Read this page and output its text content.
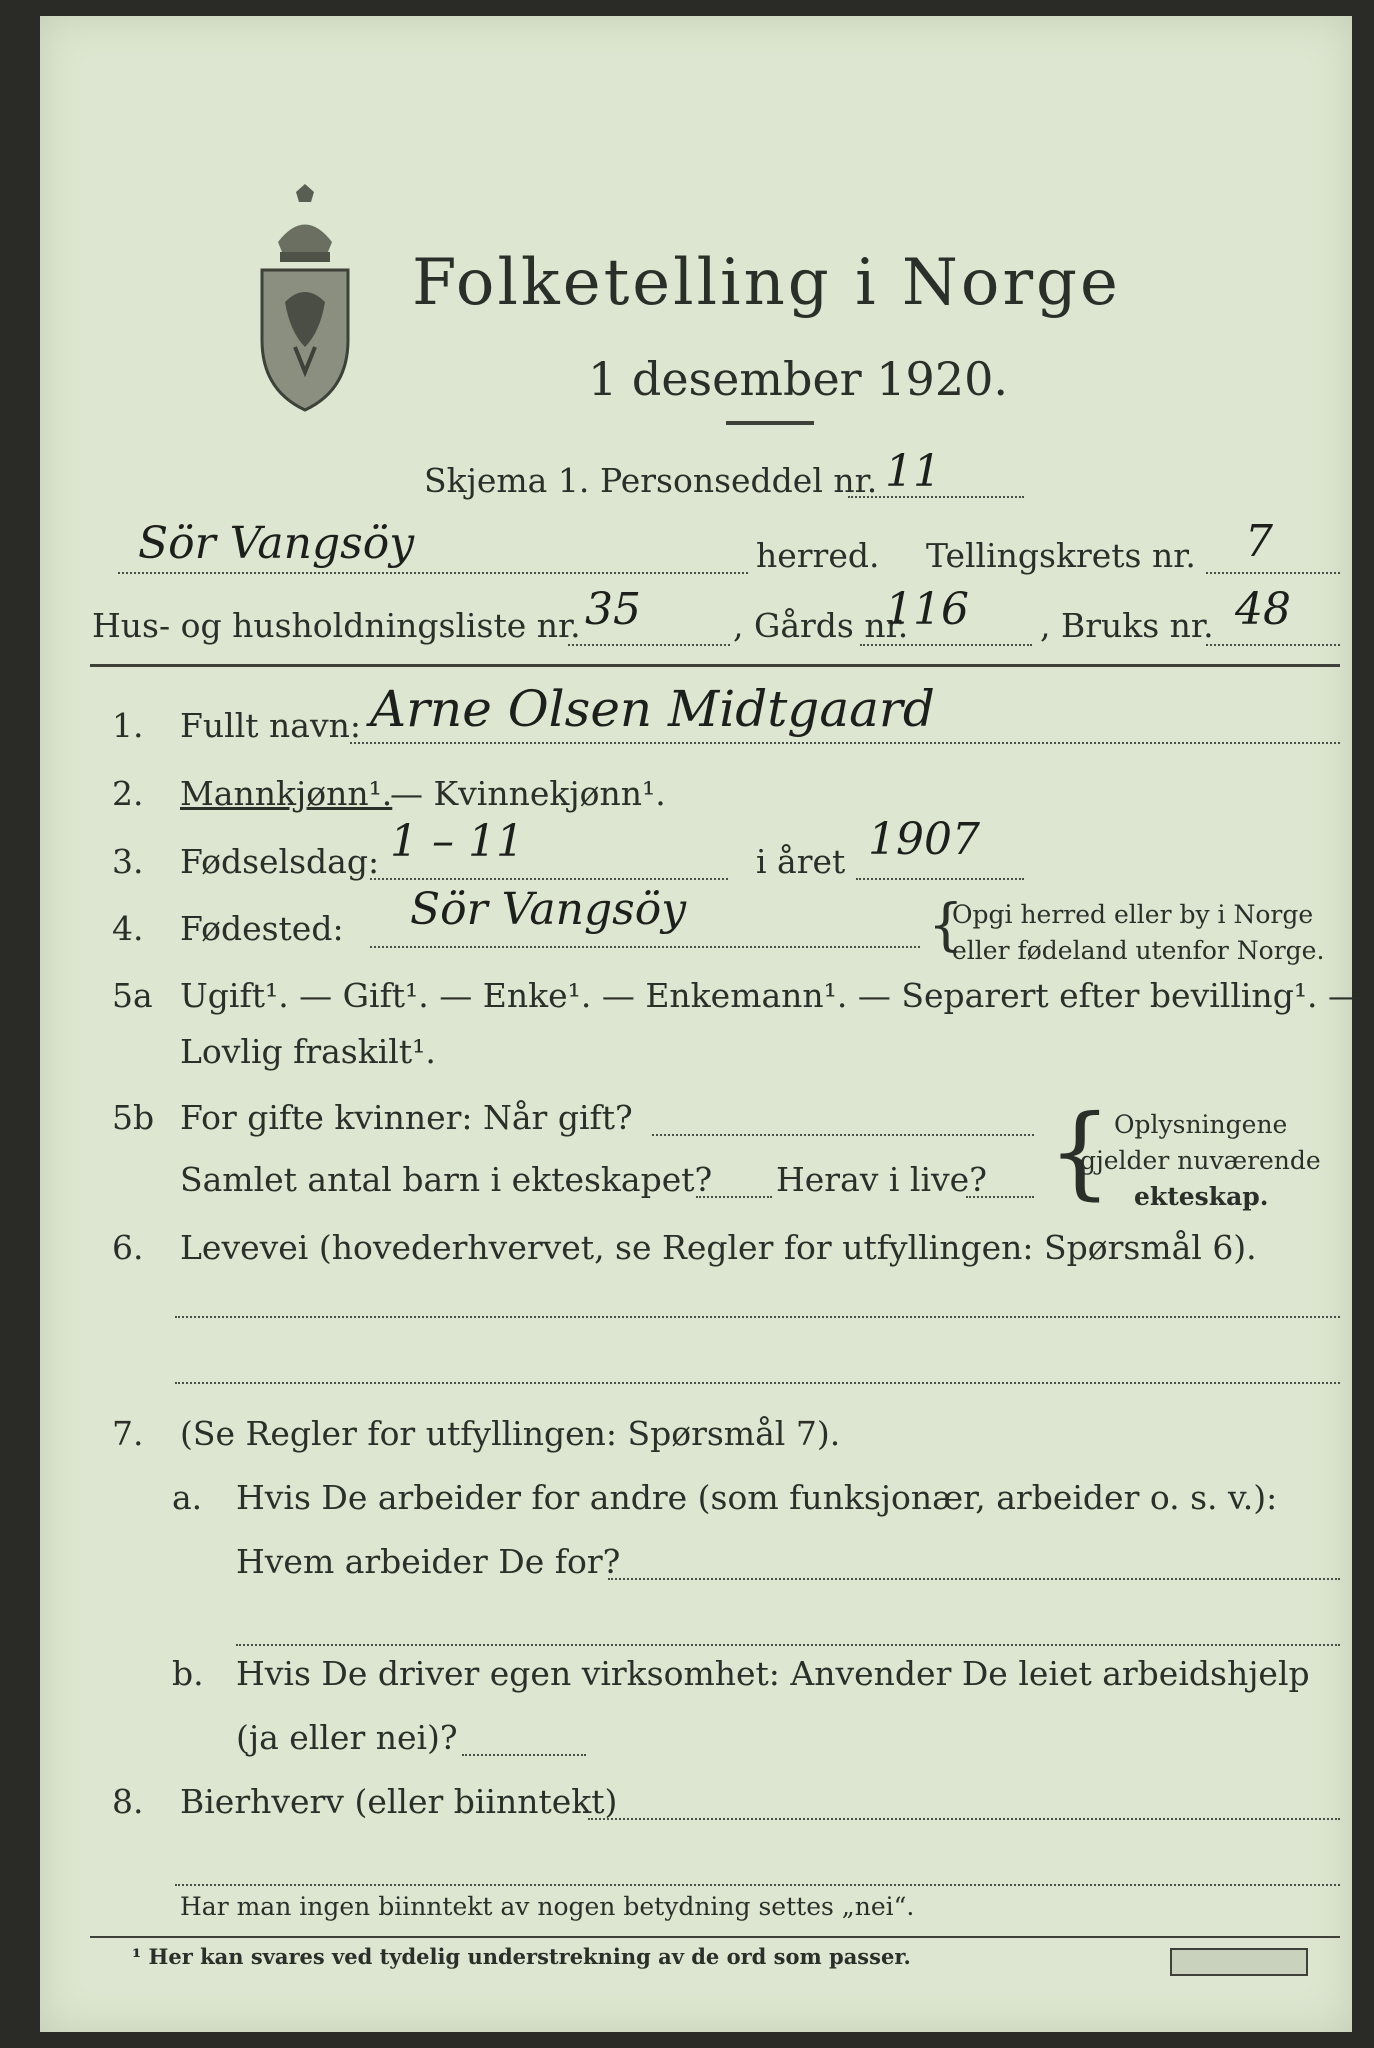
Folketelling i Norge
1 desember 1920.
Skjema 1. Personseddel nr. 11
Sör Vangsöy	herred. Tellingskrets nr. 7
Hus- og husholdningsliste nr. 35	, Gårds nr.
116 , Bruks nr. 48
1. Fullt navn: Arne Olsen Midtgaard
2. Mannkjønn¹.
— Kvinnekjønn¹.
3. Fødselsdag: 1 – 11	i året 1907
4. Fødested: Sör Vangsöy	{
Opgi herred eller by i Norge
eller fødeland utenfor Norge.
5a Ugift¹. — Gift¹. — Enke¹. — Enkemann¹. — Separert efter bevilling¹. —
Lovlig fraskilt¹.
5b For gifte kvinner: Når gift?
Samlet antal barn i ekteskapet? Herav i live? { Oplysningene
gjelder nuværende
ekteskap.
6. Levevei (hovederhvervet, se Regler for utfyllingen: Spørsmål 6).
7. (Se Regler for utfyllingen: Spørsmål 7).
a. Hvis De arbeider for andre (som funksjonær, arbeider o. s. v.):
Hvem arbeider De for?
b. Hvis De driver egen virksomhet: Anvender De leiet arbeidshjelp
(ja eller nei)?
8. Bierhverv (eller biinntekt)
Har man ingen biinntekt av nogen betydning settes „nei“.
¹ Her kan svares ved tydelig understrekning av de ord som passer.
